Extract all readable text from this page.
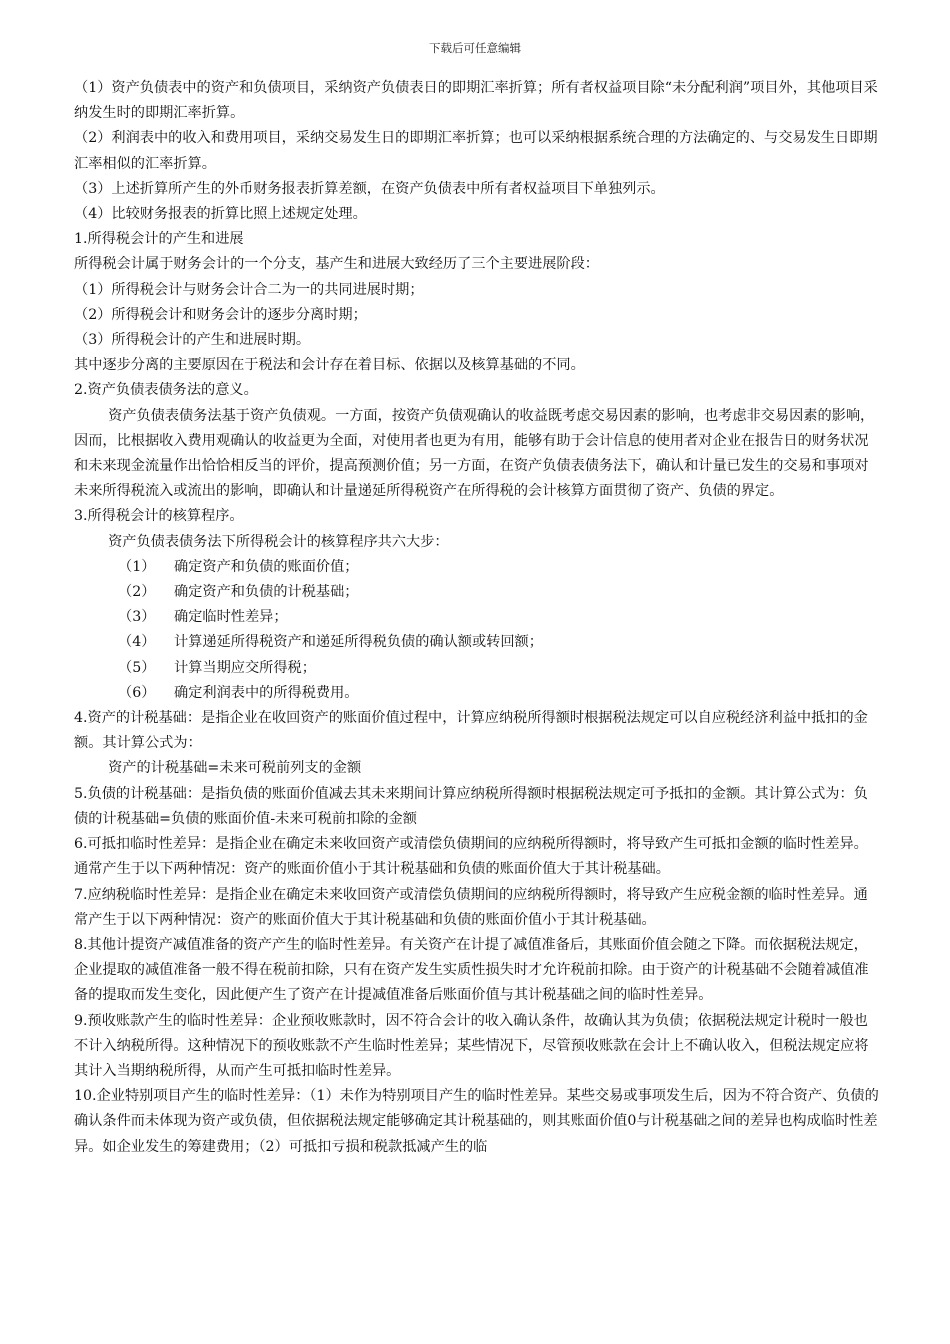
下载后可任意编辑

（1）资产负债表中的资产和负债项目，采纳资产负债表日的即期汇率折算；所有者权益项目除“未分配利润”项目外，其他项目采纳发生时的即期汇率折算。

（2）利润表中的收入和费用项目，采纳交易发生日的即期汇率折算；也可以采纳根据系统合理的方法确定的、与交易发生日即期汇率相似的汇率折算。

（3）上述折算所产生的外币财务报表折算差额，在资产负债表中所有者权益项目下单独列示。

（4）比较财务报表的折算比照上述规定处理。

1.所得税会计的产生和进展

所得税会计属于财务会计的一个分支，基产生和进展大致经历了三个主要进展阶段：

（1）所得税会计与财务会计合二为一的共同进展时期；

（2）所得税会计和财务会计的逐步分离时期；

（3）所得税会计的产生和进展时期。

其中逐步分离的主要原因在于税法和会计存在着目标、依据以及核算基础的不同。

2.资产负债表债务法的意义。

资产负债表债务法基于资产负债观。一方面，按资产负债观确认的收益既考虑交易因素的影响，也考虑非交易因素的影响，因而，比根据收入费用观确认的收益更为全面，对使用者也更为有用，能够有助于会计信息的使用者对企业在报告日的财务状况和未来现金流量作出恰恰相反当的评价，提高预测价值；另一方面，在资产负债表债务法下，确认和计量已发生的交易和事项对未来所得税流入或流出的影响，即确认和计量递延所得税资产在所得税的会计核算方面贯彻了资产、负债的界定。

3.所得税会计的核算程序。

资产负债表债务法下所得税会计的核算程序共六大步：

（1） 确定资产和负债的账面价值；

（2） 确定资产和负债的计税基础；

（3） 确定临时性差异；

（4） 计算递延所得税资产和递延所得税负债的确认额或转回额；

（5） 计算当期应交所得税；

（6） 确定利润表中的所得税费用。

4.资产的计税基础：是指企业在收回资产的账面价值过程中，计算应纳税所得额时根据税法规定可以自应税经济利益中抵扣的金额。其计算公式为：

资产的计税基础=未来可税前列支的金额

5.负债的计税基础：是指负债的账面价值减去其未来期间计算应纳税所得额时根据税法规定可予抵扣的金额。其计算公式为：负债的计税基础=负债的账面价值-未来可税前扣除的金额

6.可抵扣临时性差异：是指企业在确定未来收回资产或清偿负债期间的应纳税所得额时，将导致产生可抵扣金额的临时性差异。通常产生于以下两种情况：资产的账面价值小于其计税基础和负债的账面价值大于其计税基础。

7.应纳税临时性差异：是指企业在确定未来收回资产或清偿负债期间的应纳税所得额时，将导致产生应税金额的临时性差异。通常产生于以下两种情况：资产的账面价值大于其计税基础和负债的账面价值小于其计税基础。

8.其他计提资产减值准备的资产产生的临时性差异。有关资产在计提了减值准备后，其账面价值会随之下降。而依据税法规定，企业提取的减值准备一般不得在税前扣除，只有在资产发生实质性损失时才允许税前扣除。由于资产的计税基础不会随着减值准备的提取而发生变化，因此便产生了资产在计提减值准备后账面价值与其计税基础之间的临时性差异。

9.预收账款产生的临时性差异：企业预收账款时，因不符合会计的收入确认条件，故确认其为负债；依据税法规定计税时一般也不计入纳税所得。这种情况下的预收账款不产生临时性差异；某些情况下，尽管预收账款在会计上不确认收入，但税法规定应将其计入当期纳税所得，从而产生可抵扣临时性差异。

10.企业特别项目产生的临时性差异：（1）未作为特别项目产生的临时性差异。某些交易或事项发生后，因为不符合资产、负债的确认条件而未体现为资产或负债，但依据税法规定能够确定其计税基础的，则其账面价值0与计税基础之间的差异也构成临时性差异。如企业发生的筹建费用；（2）可抵扣亏损和税款抵减产生的临
